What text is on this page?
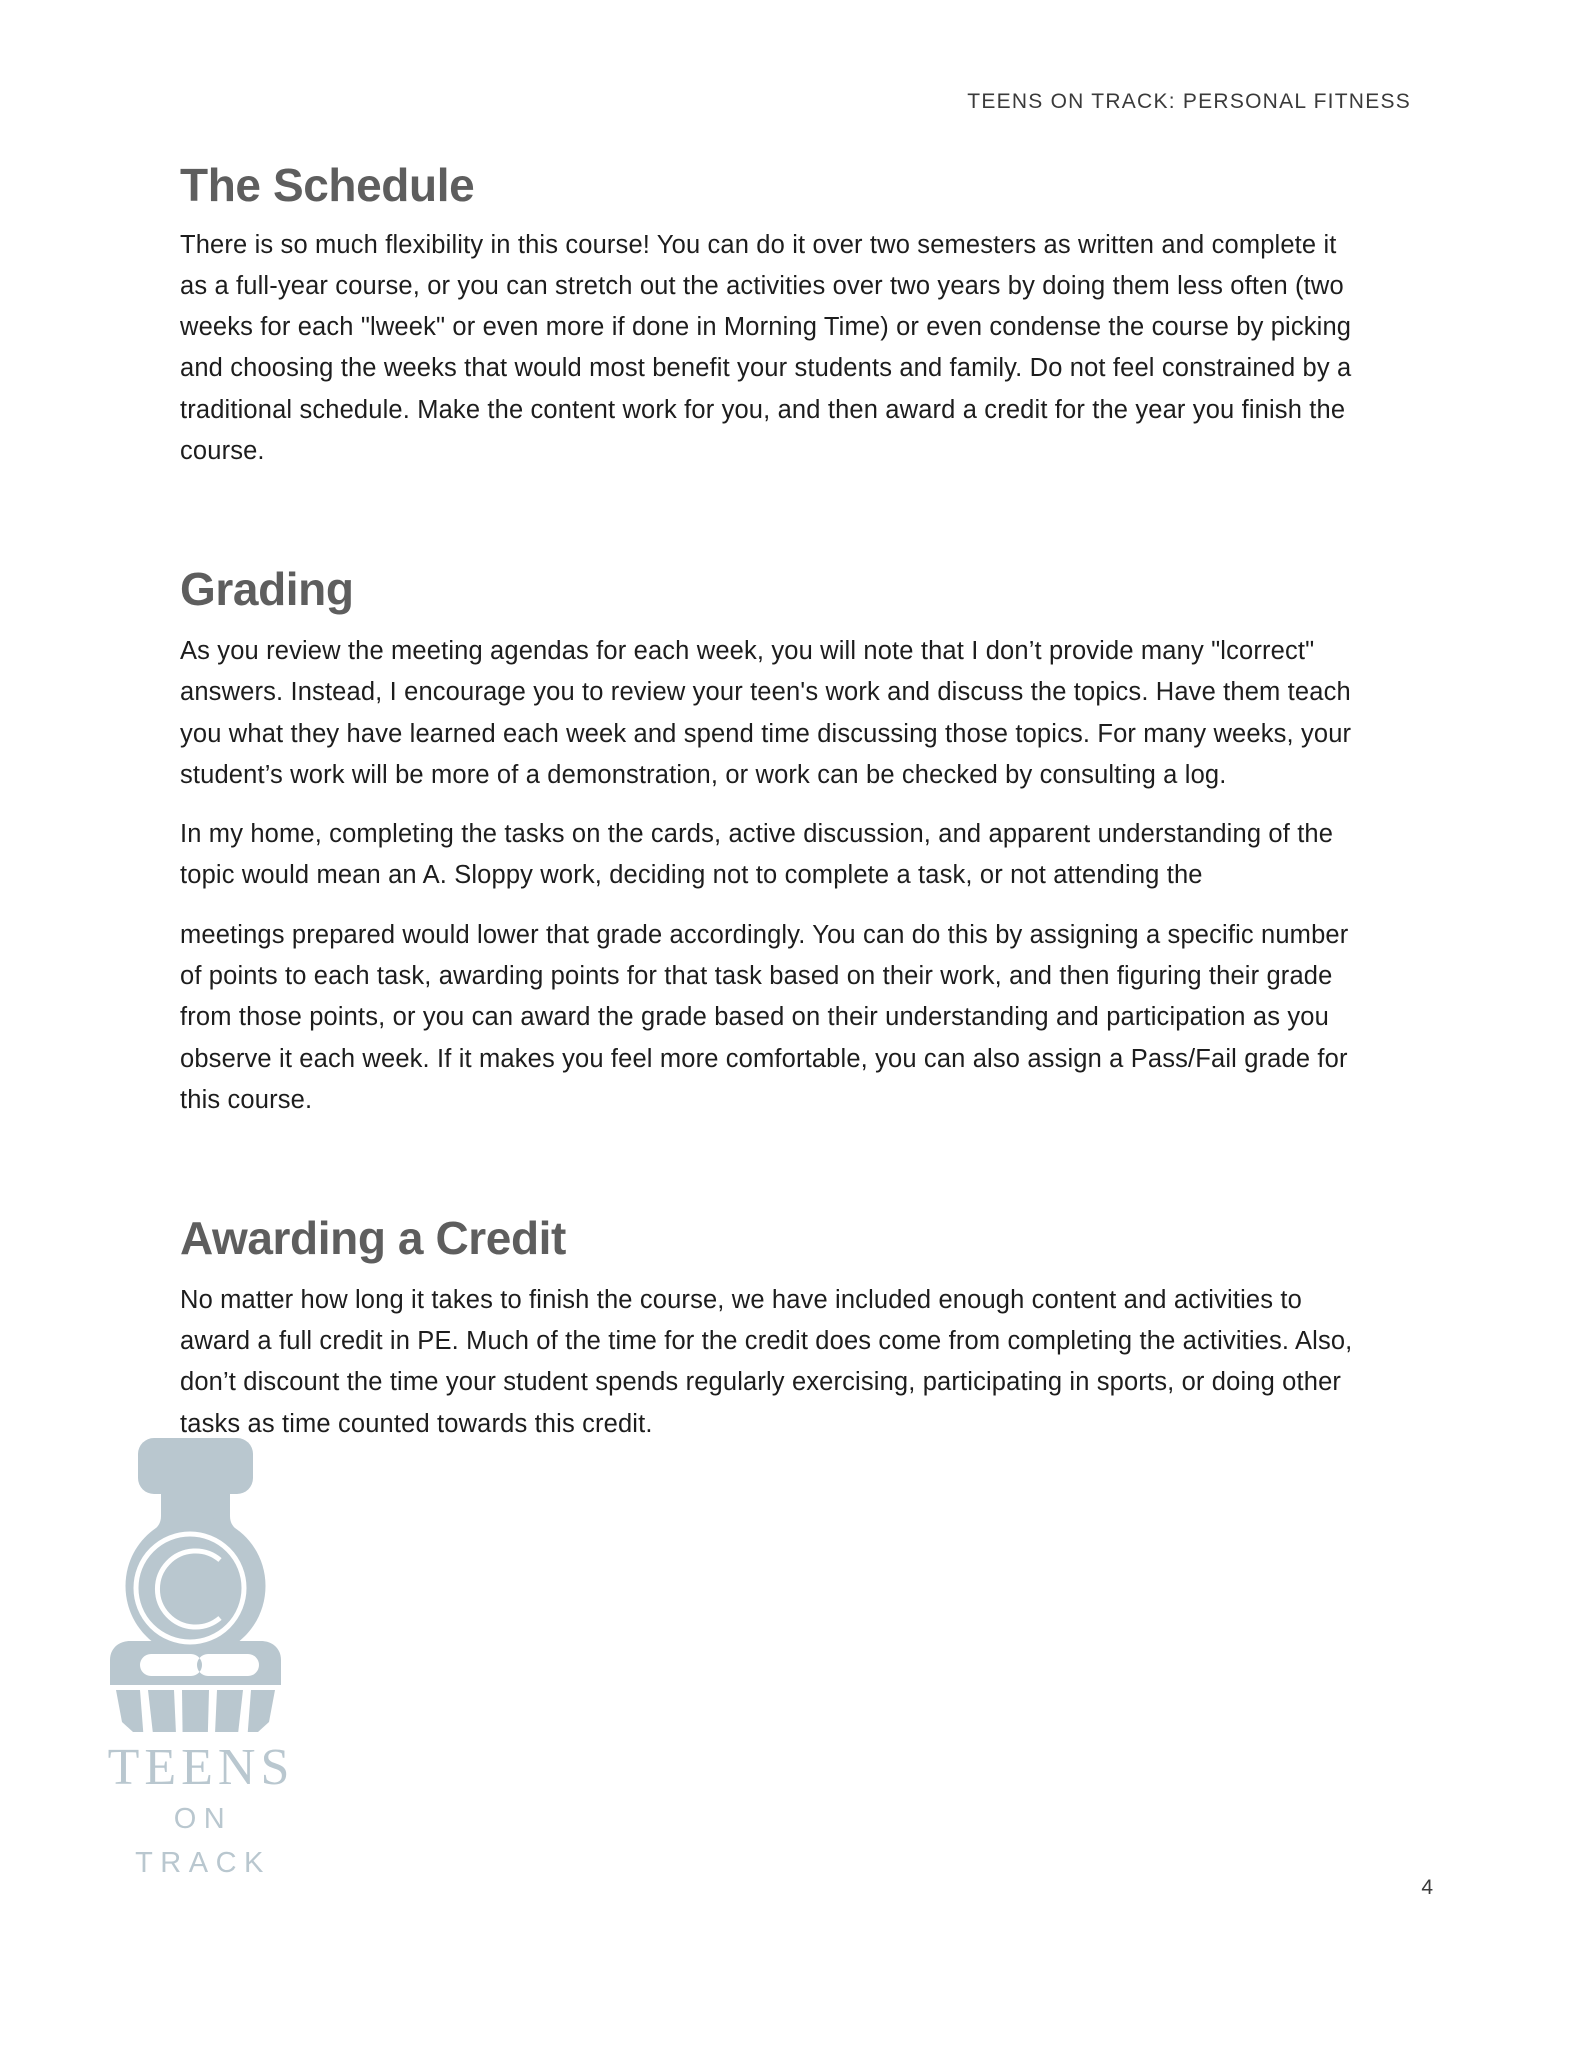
TEENS ON TRACK: PERSONAL FITNESS
The Schedule

There is so much flexibility in this course! You can do it over two semesters as written and complete it as a full-year course, or you can stretch out the activities over two years by doing them less often (two weeks for each ʺlweekʺ or even more if done in Morning Time) or even condense the course by picking and choosing the weeks that would most benefit your students and family. Do not feel constrained by a traditional schedule. Make the content work for you, and then award a credit for the year you finish the course.

Grading

As you review the meeting agendas for each week, you will note that I don’t provide many ʺlcorrectʺ answers. Instead, I encourage you to review your teen's work and discuss the topics. Have them teach you what they have learned each week and spend time discussing those topics. For many weeks, your student’s work will be more of a demonstration, or work can be checked by consulting a log.

In my home, completing the tasks on the cards, active discussion, and apparent understanding of the topic would mean an A. Sloppy work, deciding not to complete a task, or not attending the

meetings prepared would lower that grade accordingly. You can do this by assigning a specific number of points to each task, awarding points for that task based on their work, and then figuring their grade from those points, or you can award the grade based on their understanding and participation as you observe it each week. If it makes you feel more comfortable, you can also assign a Pass/Fail grade for this course.

Awarding a Credit

No matter how long it takes to finish the course, we have included enough content and activities to award a full credit in PE. Much of the time for the credit does come from completing the activities. Also, don’t discount the time your student spends regularly exercising, participating in sports, or doing other tasks as time counted towards this credit.

TEENS
ON TRACK
4
